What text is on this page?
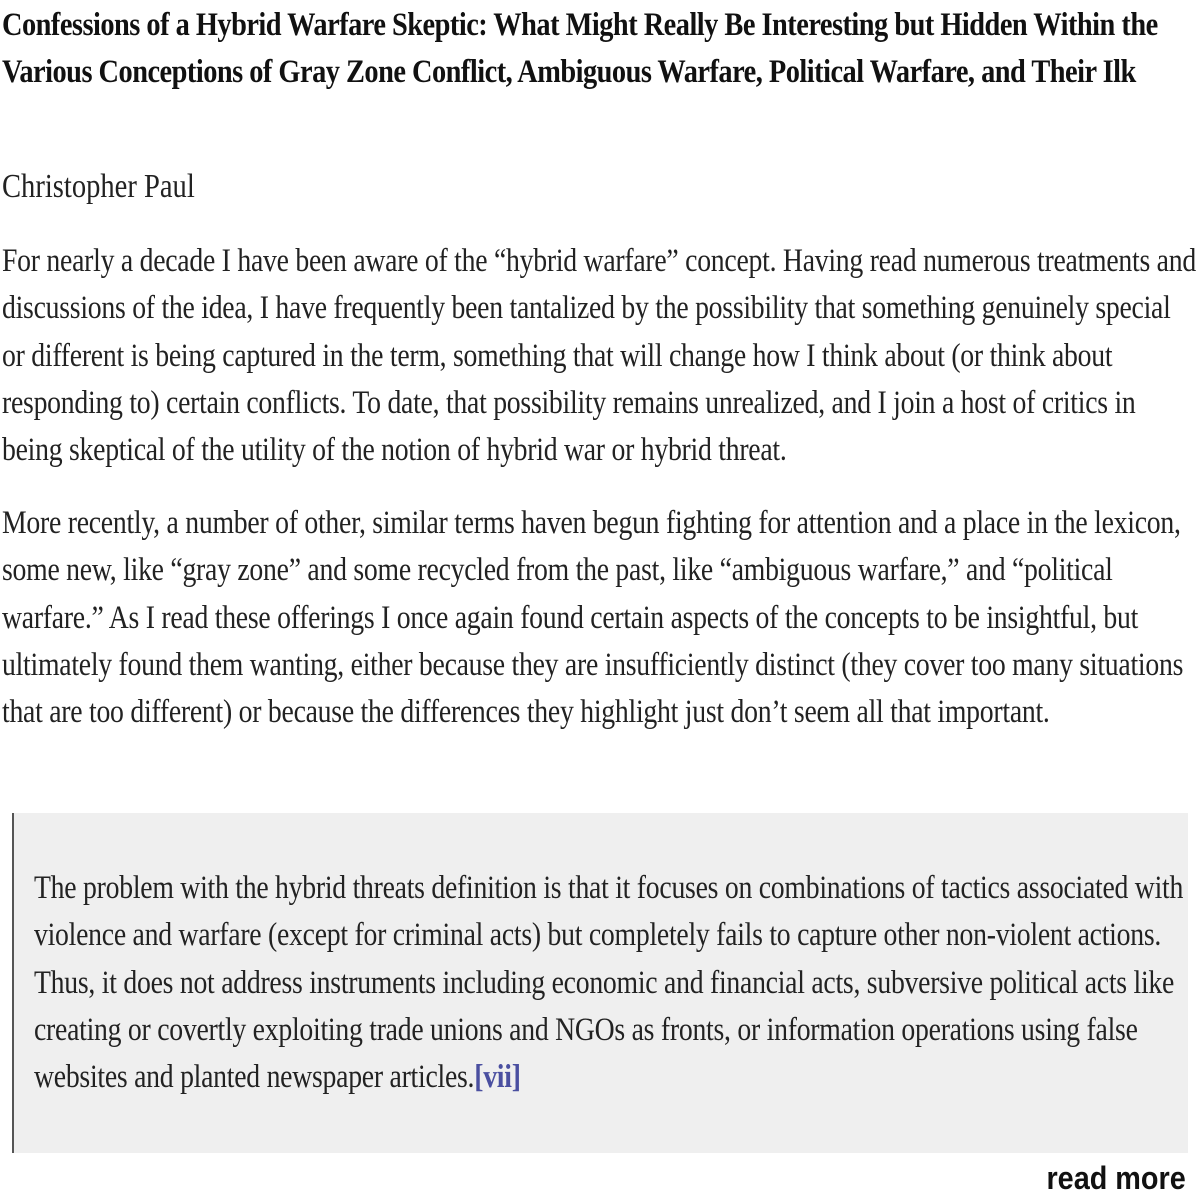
Confessions of a Hybrid Warfare Skeptic: What Might Really Be Interesting but Hidden Within the Various Conceptions of Gray Zone Conflict, Ambiguous Warfare, Political Warfare, and Their Ilk

Christopher Paul

For nearly a decade I have been aware of the “hybrid warfare” concept. Having read numerous treatments and discussions of the idea, I have frequently been tantalized by the possibility that something genuinely special or different is being captured in the term, something that will change how I think about (or think about responding to) certain conflicts. To date, that possibility remains unrealized, and I join a host of critics in being skeptical of the utility of the notion of hybrid war or hybrid threat.

More recently, a number of other, similar terms haven begun fighting for attention and a place in the lexicon, some new, like “gray zone” and some recycled from the past, like “ambiguous warfare,” and “political warfare.” As I read these offerings I once again found certain aspects of the concepts to be insightful, but ultimately found them wanting, either because they are insufficiently distinct (they cover too many situations that are too different) or because the differences they highlight just don’t seem all that important.

The problem with the hybrid threats definition is that it focuses on combinations of tactics associated with violence and warfare (except for criminal acts) but completely fails to capture other non-violent actions. Thus, it does not address instruments including economic and financial acts, subversive political acts like creating or covertly exploiting trade unions and NGOs as fronts, or information operations using false websites and planted newspaper articles.[vii]

read more
